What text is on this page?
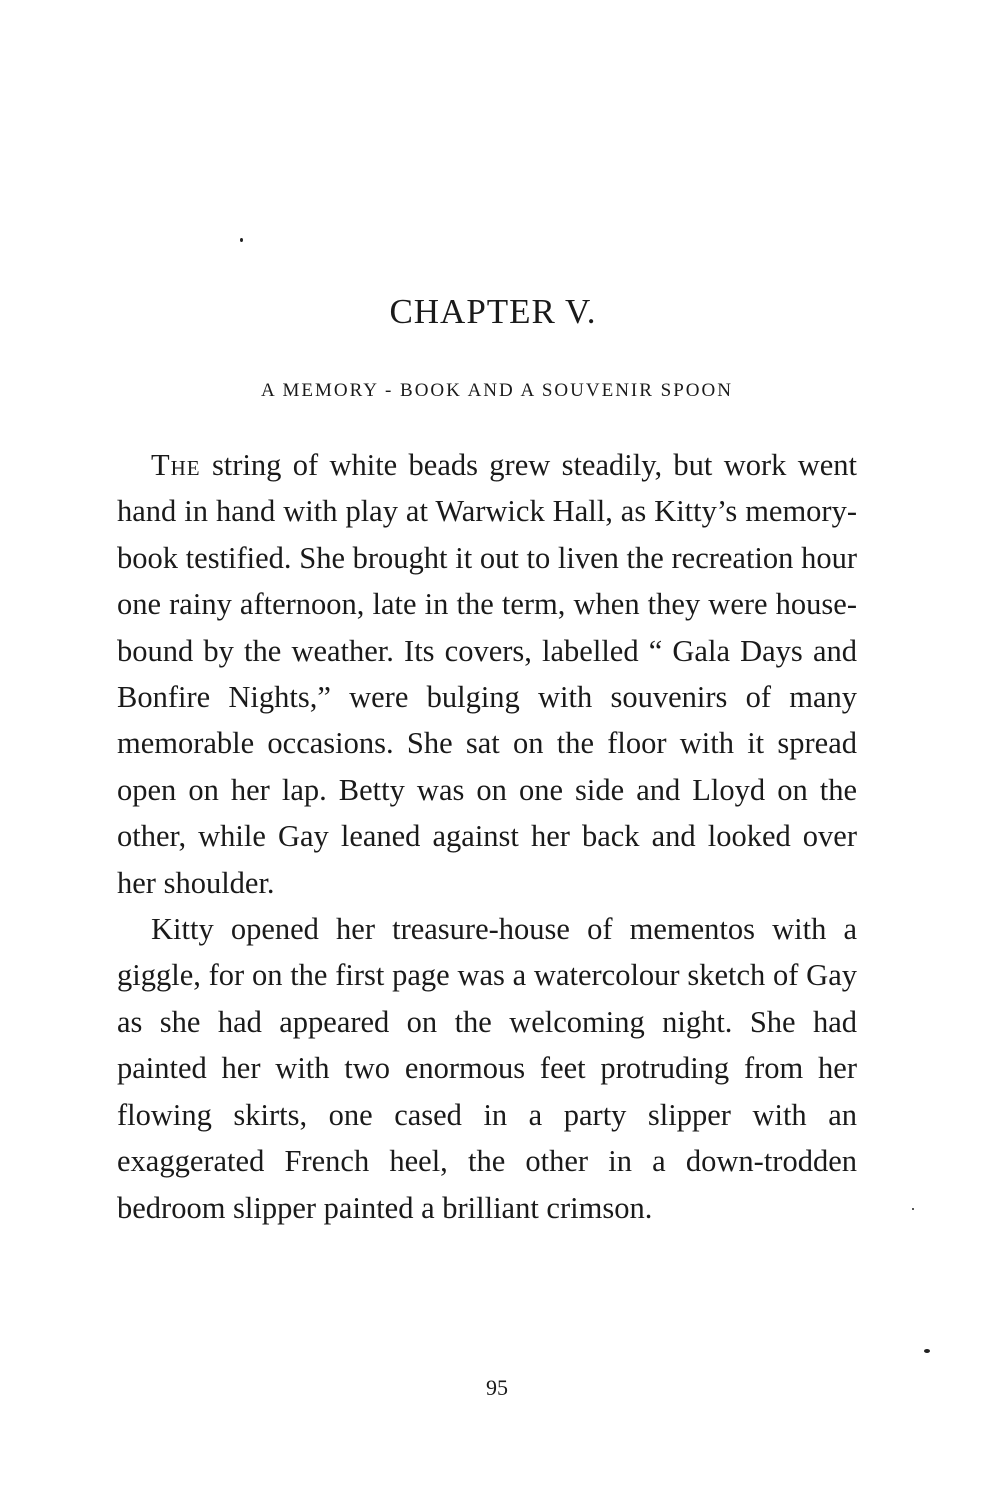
CHAPTER V.
A MEMORY - BOOK AND A SOUVENIR SPOON

The string of white beads grew steadily, but work went hand in hand with play at Warwick Hall, as Kitty’s memory-book testified. She brought it out to liven the recreation hour one rainy afternoon, late in the term, when they were house-bound by the weather. Its covers, labelled “ Gala Days and Bonfire Nights,” were bulging with souvenirs of many memorable occasions. She sat on the floor with it spread open on her lap. Betty was on one side and Lloyd on the other, while Gay leaned against her back and looked over her shoulder.

Kitty opened her treasure-house of mementos with a giggle, for on the first page was a watercolour sketch of Gay as she had appeared on the welcoming night. She had painted her with two enormous feet protruding from her flowing skirts, one cased in a party slipper with an exaggerated French heel, the other in a down-trodden bedroom slipper painted a brilliant crimson.

95
